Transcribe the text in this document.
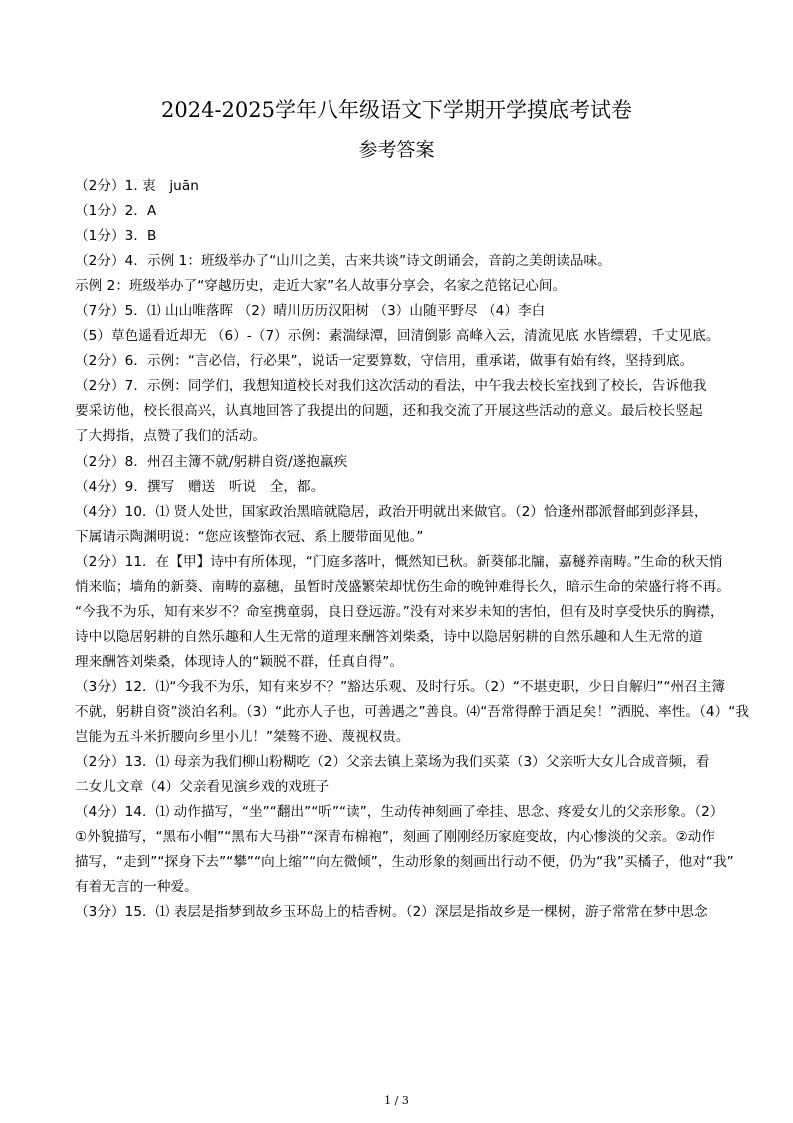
2024-2025学年八年级语文下学期开学摸底考试卷
参考答案
（2分）1. 衷　juān
（1分）2．A
（1分）3．B
（2分）4．示例 1：班级举办了“山川之美，古来共谈”诗文朗诵会，音韵之美朗读品味。
示例 2：班级举办了“穿越历史，走近大家”名人故事分享会，名家之范铭记心间。
（7分）5．⑴ 山山唯落晖 （2）晴川历历汉阳树 （3）山随平野尽 （4）李白
（5）草色遥看近却无 （6）-（7）示例：素湍绿潭，回清倒影 高峰入云，清流见底 水皆缥碧，千丈见底。
（2分）6．示例：“言必信，行必果”，说话一定要算数，守信用，重承诺，做事有始有终，坚持到底。
（2分）7．示例：同学们，我想知道校长对我们这次活动的看法，中午我去校长室找到了校长，告诉他我
要采访他，校长很高兴，认真地回答了我提出的问题，还和我交流了开展这些活动的意义。最后校长竖起
了大拇指，点赞了我们的活动。
（2分）8．州召主簿不就/躬耕自资/遂抱羸疾
（4分）9．撰写　赠送　听说　全，都。
（4分）10．⑴ 贤人处世，国家政治黑暗就隐居，政治开明就出来做官。（2）恰逢州郡派督邮到彭泽县，
下属请示陶渊明说：“您应该整饰衣冠、系上腰带面见他。”
（2分）11．在【甲】诗中有所体现，“门庭多落叶，慨然知已秋。新葵郁北牖，嘉穟养南畴。”生命的秋天悄
悄来临；墙角的新葵、南畴的嘉穗，虽暂时茂盛繁荣却忧伤生命的晚钟难得长久，暗示生命的荣盛行将不再。
“今我不为乐，知有来岁不？命室携童弱，良日登远游。”没有对来岁未知的害怕，但有及时享受快乐的胸襟，
诗中以隐居躬耕的自然乐趣和人生无常的道理来酬答刘柴桑，诗中以隐居躬耕的自然乐趣和人生无常的道
理来酬答刘柴桑，体现诗人的“颖脱不群，任真自得”。
（3分）12．⑴“今我不为乐，知有来岁不？”豁达乐观、及时行乐。（2）“不堪吏职，少日自解归”“州召主簿
不就，躬耕自资”淡泊名利。（3）“此亦人子也，可善遇之”善良。⑷“吾常得醉于酒足矣！”洒脱、率性。（4）“我
岂能为五斗米折腰向乡里小儿！”桀骜不逊、蔑视权贵。
（2分）13．⑴ 母亲为我们柳山粉糊吃（2）父亲去镇上菜场为我们买菜（3）父亲听大女儿合成音频，看
二女儿文章（4）父亲看见演乡戏的戏班子
（4分）14．⑴ 动作描写，“坐”“翻出”“听”“读”，生动传神刻画了牵挂、思念、疼爱女儿的父亲形象。（2）
①外貌描写，“黑布小帽”“黑布大马褂”“深青布棉袍”，刻画了刚刚经历家庭变故，内心惨淡的父亲。②动作
描写，“走到”“探身下去”“攀”“向上缩”“向左微倾”，生动形象的刻画出行动不便，仍为“我”买橘子，他对“我”
有着无言的一种爱。
（3分）15．⑴ 表层是指梦到故乡玉环岛上的桔香树。（2）深层是指故乡是一棵树，游子常常在梦中思念
1 / 3
